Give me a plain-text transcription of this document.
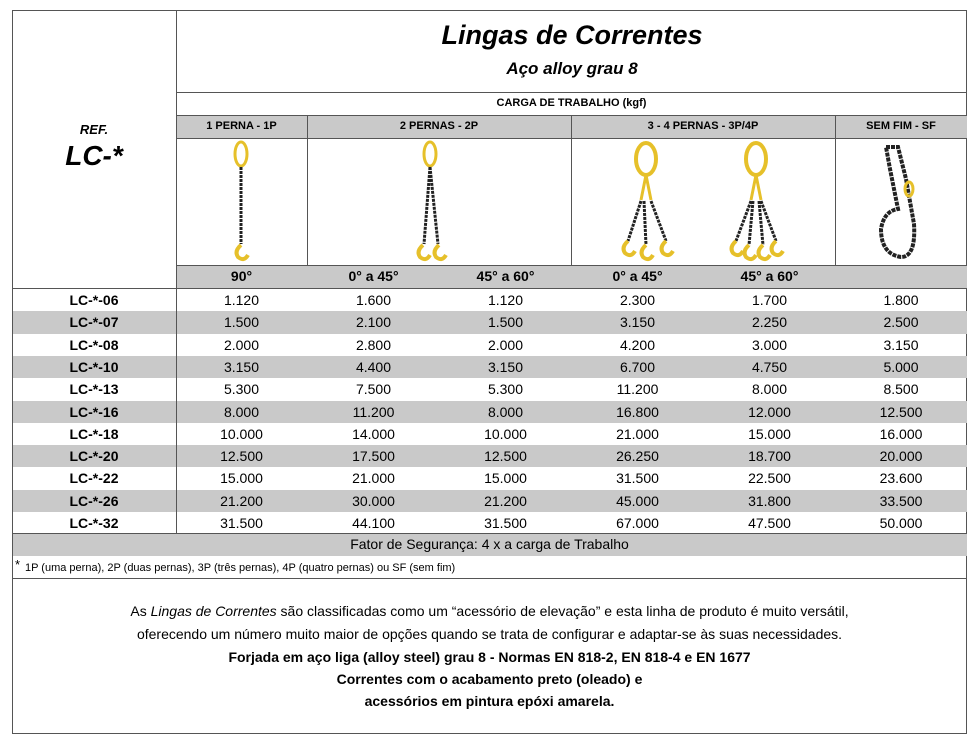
Lingas de Correntes
Aço alloy grau 8
REF.
LC-*
CARGA DE TRABALHO (kgf)
1 PERNA - 1P	2 PERNAS - 2P	3 - 4 PERNAS - 3P/4P	SEM FIM - SF
90°	0° a 45°	45° a 60°	0° a 45°	45° a 60°
LC-*-06	1.120	1.600	1.120	2.300	1.700	1.800
LC-*-07	1.500	2.100	1.500	3.150	2.250	2.500
LC-*-08	2.000	2.800	2.000	4.200	3.000	3.150
LC-*-10	3.150	4.400	3.150	6.700	4.750	5.000
LC-*-13	5.300	7.500	5.300	11.200	8.000	8.500
LC-*-16	8.000	11.200	8.000	16.800	12.000	12.500
LC-*-18	10.000	14.000	10.000	21.000	15.000	16.000
LC-*-20	12.500	17.500	12.500	26.250	18.700	20.000
LC-*-22	15.000	21.000	15.000	31.500	22.500	23.600
LC-*-26	21.200	30.000	21.200	45.000	31.800	33.500
LC-*-32	31.500	44.100	31.500	67.000	47.500	50.000
Fator de Segurança: 4 x a carga de Trabalho
* 1P (uma perna), 2P (duas pernas), 3P (três pernas), 4P (quatro pernas) ou SF (sem fim)
As Lingas de Correntes são classificadas como um “acessório de elevação” e esta linha de produto é muito versátil,
oferecendo um número muito maior de opções quando se trata de configurar e adaptar-se às suas necessidades.
Forjada em aço liga (alloy steel) grau 8 - Normas EN 818-2, EN 818-4 e EN 1677
Correntes com o acabamento preto (oleado) e
acessórios em pintura epóxi amarela.
